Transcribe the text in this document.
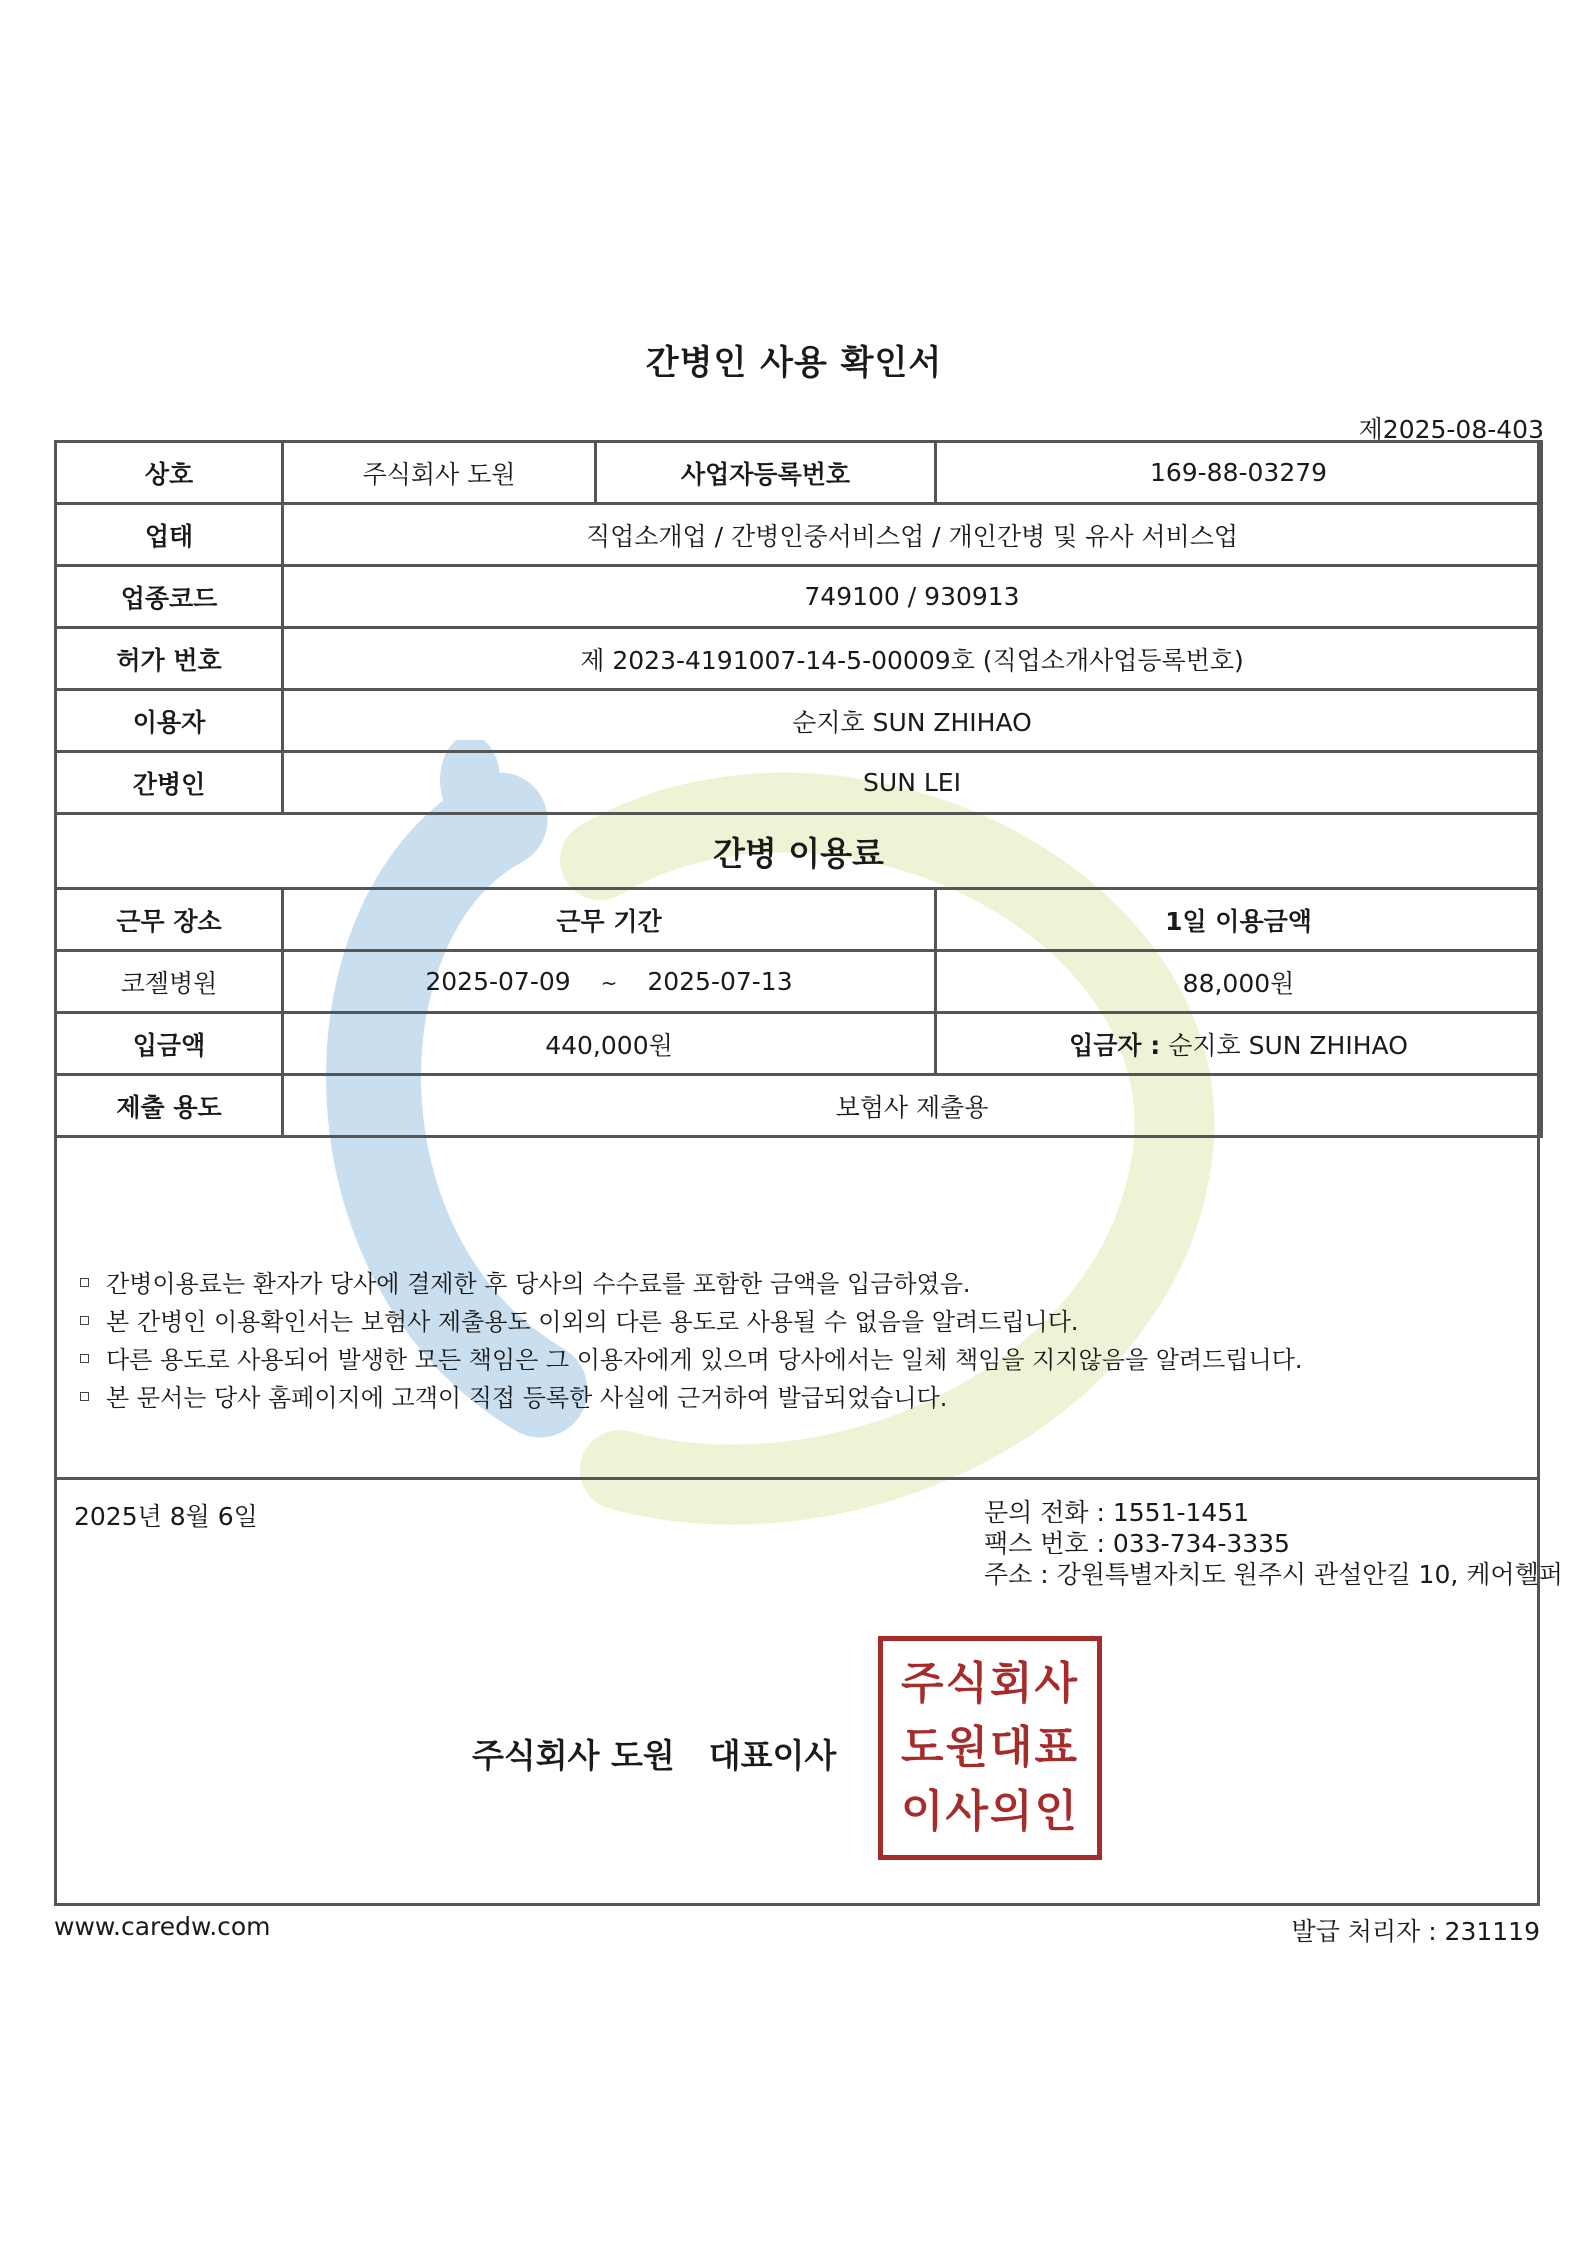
간병인 사용 확인서
제2025-08-403
상호	주식회사 도원	사업자등록번호	169-88-03279
업태	직업소개업 / 간병인중서비스업 / 개인간병 및 유사 서비스업		
업종코드	749100 / 930913		
허가 번호	제 2023-4191007-14-5-00009호 (직업소개사업등록번호)		
이용자	순지호 SUN ZHIHAO		
간병인	SUN LEI		
간병 이용료			
근무 장소	근무 기간		1일 이용금액
코젤병원	2025-07-09 ~ 2025-07-13		88,000원
입금액	440,000원		입금자 : 순지호 SUN ZHIHAO
제출 용도	보험사 제출용		
간병이용료는 환자가 당사에 결제한 후 당사의 수수료를 포함한 금액을 입금하였음.
본 간병인 이용확인서는 보험사 제출용도 이외의 다른 용도로 사용될 수 없음을 알려드립니다.
다른 용도로 사용되어 발생한 모든 책임은 그 이용자에게 있으며 당사에서는 일체 책임을 지지않음을 알려드립니다.
본 문서는 당사 홈페이지에 고객이 직접 등록한 사실에 근거하여 발급되었습니다.
2025년 8월 6일	문의 전화 : 1551-1451
팩스 번호 : 033-734-3335
주소 : 강원특별자치도 원주시 관설안길 10, 케어헬퍼
주식회사 도원 대표이사
주식회사
도원대표
이사의인
www.caredw.com	발급 처리자 : 231119
